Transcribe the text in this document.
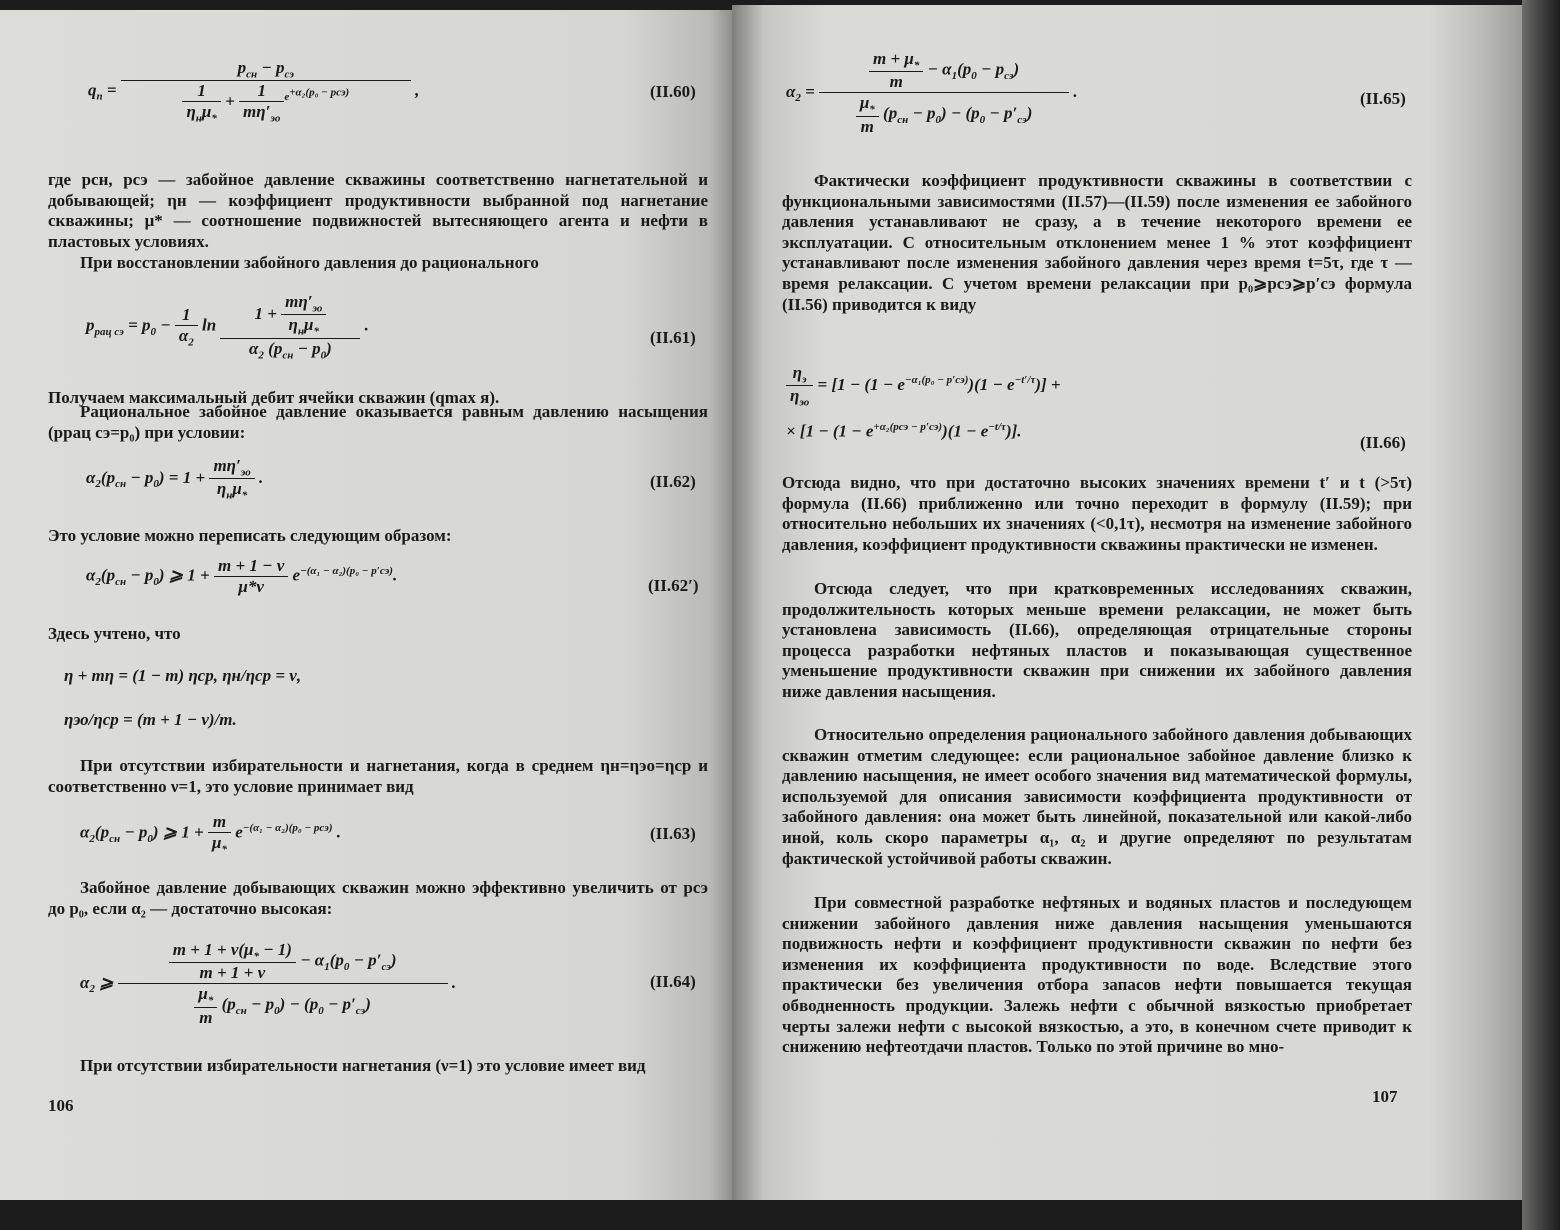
$q_п = \frac{p_{сн} - p_{сэ}}{\frac{1}{\eta_н\mu_*} + \frac{1}{m\eta'_{эо}} ^{e^{+\alpha_2(p_0 - pсэ)}}}$ ,	(II.60)

где pсн, pсэ — забойное давление скважины соответственно нагнетательной и добывающей; ηн — коэффициент продуктивности выбранной под нагнетание скважины; μ* — соотношение подвижностей вытесняющего агента и нефти в пластовых условиях.

При восстановлении забойного давления до рационального

$p_{рац сэ} = p_0 - \frac{1}{\alpha_2}$ $\ln \frac{1 + \frac{m\eta'_{эо}}{\eta_н\mu_*}}{\alpha_2 (p_{сн} - p_0)}$ .
(II.61)

Получаем максимальный дебит ячейки скважин (qmax я).

Рациональное забойное давление оказывается равным давлению насыщения (pрац сэ=p₀) при условии:

$\alpha_2(p_{сн} - p_0) = 1 + \frac{m\eta'_{эо}}{\eta_н\mu_*}$ .	(II.62)

Это условие можно переписать следующим образом:

$\alpha_2(p_{сн} - p_0)$ ⩾ $1 + \frac{m + 1 - \nu}{\mu*\nu} e^{-(\alpha_1 - \alpha_2)(p_0 - p'сэ)}$.
(II.62′)

Здесь учтено, что

η + mη = (1 − m) ηср, ηн/ηср = ν,
ηэо/ηср = (m + 1 − ν)/m.

При отсутствии избирательности и нагнетания, когда в среднем ηн=ηэо=ηср и соответственно ν=1, это условие принимает вид

$\alpha_2(p_{сн} - p_0)$ ⩾ $1 + \frac{m}{\mu_*} e^{-(\alpha_1 - \alpha_2)(p_0 - pсэ)}$ .	(II.63)

Забойное давление добывающих скважин можно эффективно увеличить от pсэ до p₀, если α₂ — достаточно высокая:

$\alpha_2$ ⩾ $\frac{\frac{m + 1 + \nu(\mu_* - 1)}{m + 1 + \nu} - \alpha_1(p_0 - p'_{сэ})}{\frac{\mu_*}{m} (p_{сн} - p_0) - (p_0 - p'_{сэ})}$ .	(II.64)

При отсутствии избирательности нагнетания (ν=1) это условие имеет вид

106
$\alpha_2 = \frac{\frac{m + \mu_*}{m} - \alpha_1(p_0 - p_{сэ})}{\frac{\mu_*}{m} (p_{сн} - p_0) - (p_0 - p'_{сэ})}$ .	(II.65)

Фактически коэффициент продуктивности скважины в соответствии с функциональными зависимостями (II.57)—(II.59) после изменения ее забойного давления устанавливают не сразу, а в течение некоторого времени ее эксплуатации. С относительным отклонением менее 1 % этот коэффициент устанавливают после изменения забойного давления через время t=5τ, где τ — время релаксации. С учетом времени релаксации при p₀⩾pсэ⩾p′сэ формула (II.56) приводится к виду

$\frac{\eta_э}{\eta_{эо}} = [1 - (1 - e^{-\alpha_1(p_0 - p'сэ)})(1 - e^{-t'/\tau})]$ +
× $[1 - (1 - e^{+\alpha_2(pсэ - p'сэ)})(1 - e^{-t/\tau})]$.
(II.66)

Отсюда видно, что при достаточно высоких значениях времени t′ и t (>5τ) формула (II.66) приближенно или точно переходит в формулу (II.59); при относительно небольших их значениях (<0,1τ), несмотря на изменение забойного давления, коэффициент продуктивности скважины практически не изменен.

Отсюда следует, что при кратковременных исследованиях скважин, продолжительность которых меньше времени релаксации, не может быть установлена зависимость (II.66), определяющая отрицательные стороны процесса разработки нефтяных пластов и показывающая существенное уменьшение продуктивности скважин при снижении их забойного давления ниже давления насыщения.

Относительно определения рационального забойного давления добывающих скважин отметим следующее: если рациональное забойное давление близко к давлению насыщения, не имеет особого значения вид математической формулы, используемой для описания зависимости коэффициента продуктивности от забойного давления: она может быть линейной, показательной или какой-либо иной, коль скоро параметры α₁, α₂ и другие определяют по результатам фактической устойчивой работы скважин.

При совместной разработке нефтяных и водяных пластов и последующем снижении забойного давления ниже давления насыщения уменьшаются подвижность нефти и коэффициент продуктивности скважин по нефти без изменения их коэффициента продуктивности по воде. Вследствие этого практически без увеличения отбора запасов нефти повышается текущая обводненность продукции. Залежь нефти с обычной вязкостью приобретает черты залежи нефти с высокой вязкостью, а это, в конечном счете приводит к снижению нефтеотдачи пластов. Только по этой причине во мно-

107
